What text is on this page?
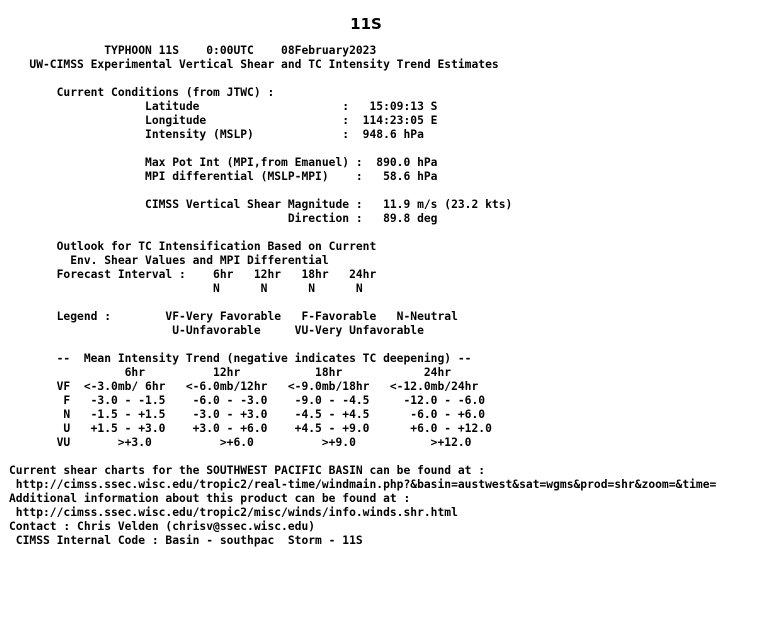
11S
TYPHOON 11S    0:00UTC    08February2023
UW-CIMSS Experimental Vertical Shear and TC Intensity Trend Estimates
Current Conditions (from JTWC) :
Latitude                     :   15:09:13 S
Longitude                    :  114:23:05 E
Intensity (MSLP)             :  948.6 hPa
Max Pot Int (MPI,from Emanuel) :  890.0 hPa
MPI differential (MSLP-MPI)    :   58.6 hPa
CIMSS Vertical Shear Magnitude :   11.9 m/s (23.2 kts)
Direction :   89.8 deg
Outlook for TC Intensification Based on Current
Env. Shear Values and MPI Differential
Forecast Interval :    6hr   12hr   18hr   24hr
N      N      N      N
Legend :        VF-Very Favorable   F-Favorable   N-Neutral
U-Unfavorable     VU-Very Unfavorable
--  Mean Intensity Trend (negative indicates TC deepening) --
6hr          12hr           18hr            24hr
VF  <-3.0mb/ 6hr   <-6.0mb/12hr   <-9.0mb/18hr   <-12.0mb/24hr
F   -3.0 - -1.5    -6.0 - -3.0    -9.0 - -4.5     -12.0 - -6.0
N   -1.5 - +1.5    -3.0 - +3.0    -4.5 - +4.5      -6.0 - +6.0
U   +1.5 - +3.0    +3.0 - +6.0    +4.5 - +9.0      +6.0 - +12.0
VU       >+3.0          >+6.0          >+9.0           >+12.0
Current shear charts for the SOUTHWEST PACIFIC BASIN can be found at :
http://cimss.ssec.wisc.edu/tropic2/real-time/windmain.php?&basin=austwest&sat=wgms&prod=shr&zoom=&time=
Additional information about this product can be found at :
http://cimss.ssec.wisc.edu/tropic2/misc/winds/info.winds.shr.html
Contact : Chris Velden (chrisv@ssec.wisc.edu)
CIMSS Internal Code : Basin - southpac  Storm - 11S
